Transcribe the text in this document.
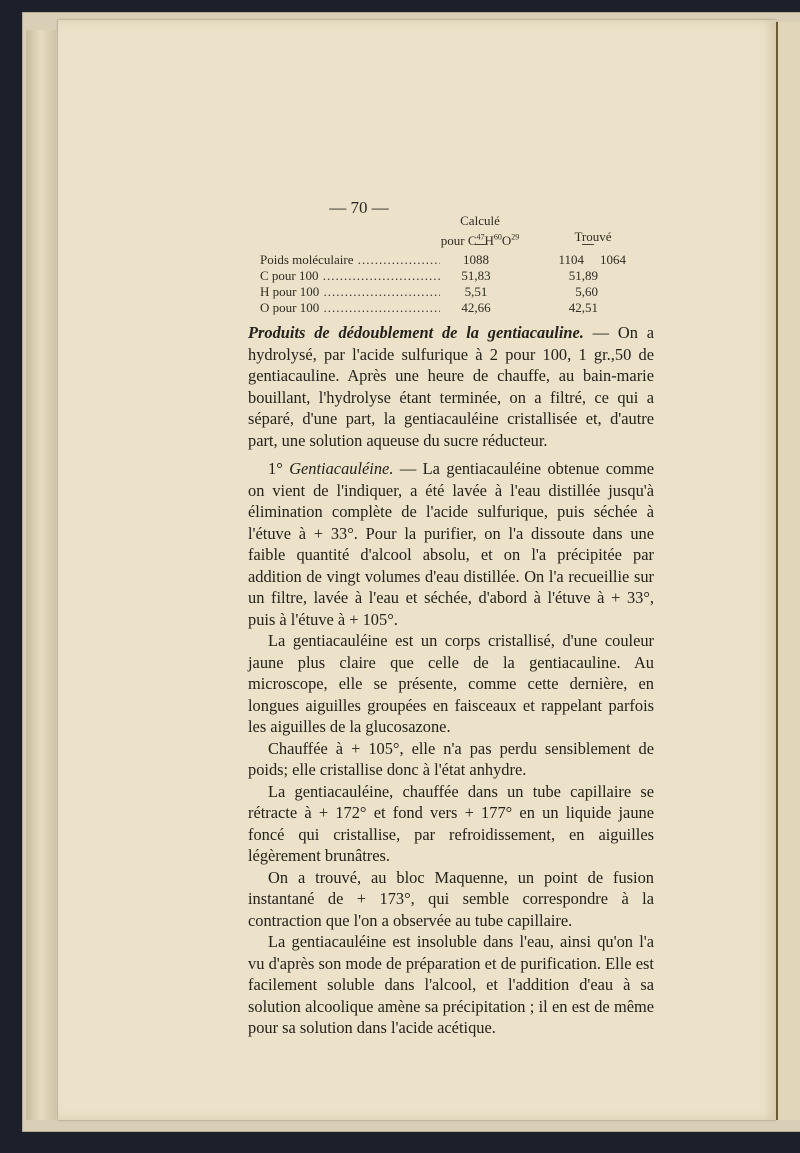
— 70 —
Calculé
pour $C^{47}H^{60}O^{29}$	Trouvé
Poids moléculaire .....	1088	1104	1064
C pour 100 .....	51,83	51,89
H pour 100 .....	5,51	5,60
O pour 100 .....	42,66	42,51

Produits de dédoublement de la gentiacauline. — On a hydrolysé, par l'acide sulfurique à 2 pour 100, 1 gr.,50 de gentiacauline. Après une heure de chauffe, au bain-marie bouillant, l'hydrolyse étant terminée, on a filtré, ce qui a séparé, d'une part, la gentiacauléine cristallisée et, d'autre part, une solution aqueuse du sucre réducteur.

1° Gentiacauléine. — La gentiacauléine obtenue comme on vient de l'indiquer, a été lavée à l'eau distillée jusqu'à élimination complète de l'acide sulfurique, puis séchée à l'étuve à + 33°. Pour la purifier, on l'a dissoute dans une faible quantité d'alcool absolu, et on l'a précipitée par addition de vingt volumes d'eau distillée. On l'a recueillie sur un filtre, lavée à l'eau et séchée, d'abord à l'étuve à + 33°, puis à l'étuve à + 105°.

La gentiacauléine est un corps cristallisé, d'une couleur jaune plus claire que celle de la gentiacauline. Au microscope, elle se présente, comme cette dernière, en longues aiguilles groupées en faisceaux et rappelant parfois les aiguilles de la glucosazone.

Chauffée à + 105°, elle n'a pas perdu sensiblement de poids; elle cristallise donc à l'état anhydre.

La gentiacauléine, chauffée dans un tube capillaire se rétracte à + 172° et fond vers + 177° en un liquide jaune foncé qui cristallise, par refroidissement, en aiguilles légèrement brunâtres.

On a trouvé, au bloc Maquenne, un point de fusion instantané de + 173°, qui semble correspondre à la contraction que l'on a observée au tube capillaire.

La gentiacauléine est insoluble dans l'eau, ainsi qu'on l'a vu d'après son mode de préparation et de purification. Elle est facilement soluble dans l'alcool, et l'addition d'eau à sa solution alcoolique amène sa précipitation ; il en est de même pour sa solution dans l'acide acétique.
